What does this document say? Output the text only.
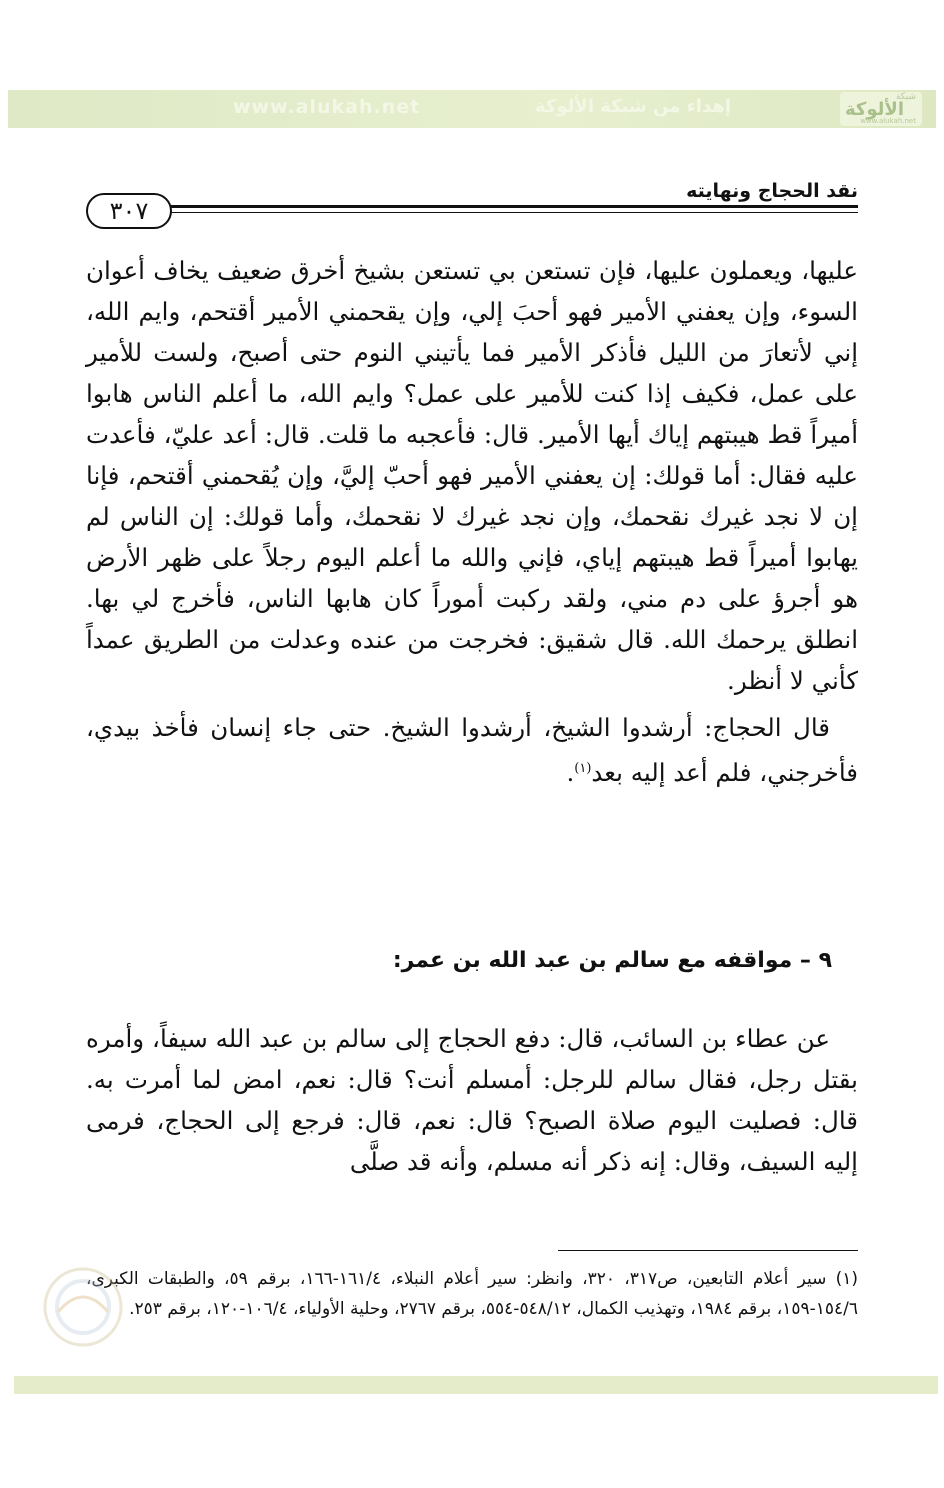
www.alukah.net	إهداء من شبكة الألوكة	شبكة
الألوكة
www.alukah.net
نقد الحجاج ونهايته
٣٠٧

عليها، ويعملون عليها، فإن تستعن بي تستعن بشيخ أخرق ضعيف يخاف أعوان السوء، وإن يعفني الأمير فهو أحبَ إلي، وإن يقحمني الأمير أقتحم، وايم الله، إني لأتعارَ من الليل فأذكر الأمير فما يأتيني النوم حتى أصبح، ولست للأمير على عمل، فكيف إذا كنت للأمير على عمل؟ وايم الله، ما أعلم الناس هابوا أميراً قط هيبتهم إياك أيها الأمير. قال: فأعجبه ما قلت. قال: أعد عليّ، فأعدت عليه فقال: أما قولك: إن يعفني الأمير فهو أحبّ إليَّ، وإن يُقحمني أقتحم، فإنا إن لا نجد غيرك نقحمك، وإن نجد غيرك لا نقحمك، وأما قولك: إن الناس لم يهابوا أميراً قط هيبتهم إياي، فإني والله ما أعلم اليوم رجلاً على ظهر الأرض هو أجرؤ على دم مني، ولقد ركبت أموراً كان هابها الناس، فأخرج لي بها. انطلق يرحمك الله. قال شقيق: فخرجت من عنده وعدلت من الطريق عمداً كأني لا أنظر.

قال الحجاج: أرشدوا الشيخ، أرشدوا الشيخ. حتى جاء إنسان فأخذ بيدي، فأخرجني، فلم أعد إليه بعد$^{(١)}$.

٩ – مواقفه مع سالم بن عبد الله بن عمر:

عن عطاء بن السائب، قال: دفع الحجاج إلى سالم بن عبد الله سيفاً، وأمره بقتل رجل، فقال سالم للرجل: أمسلم أنت؟ قال: نعم، امض لما أمرت به. قال: فصليت اليوم صلاة الصبح؟ قال: نعم، قال: فرجع إلى الحجاج، فرمى إليه السيف، وقال: إنه ذكر أنه مسلم، وأنه قد صلَّى

(١) سير أعلام التابعين، ص٣١٧، ٣٢٠، وانظر: سير أعلام النبلاء، ١٦١/٤-١٦٦، برقم ٥٩، والطبقات الكبرى، ١٥٤/٦-١٥٩، برقم ١٩٨٤، وتهذيب الكمال، ٥٤٨/١٢-٥٥٤، برقم ٢٧٦٧، وحلية الأولياء، ١٠٦/٤-١٢٠، برقم ٢٥٣.
